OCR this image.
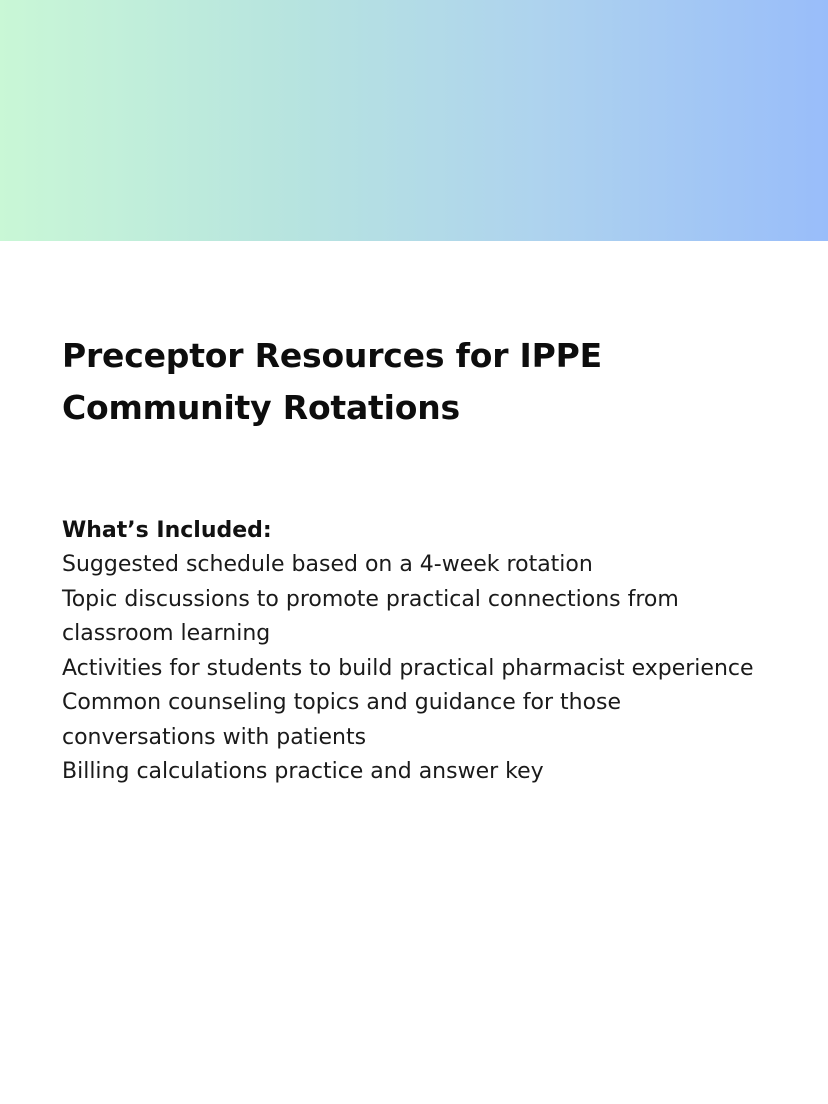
Preceptor Resources for IPPE
Community Rotations
What’s Included:
Suggested schedule based on a 4-week rotation
Topic discussions to promote practical connections from classroom learning
Activities for students to build practical pharmacist experience
Common counseling topics and guidance for those conversations with patients
Billing calculations practice and answer key
